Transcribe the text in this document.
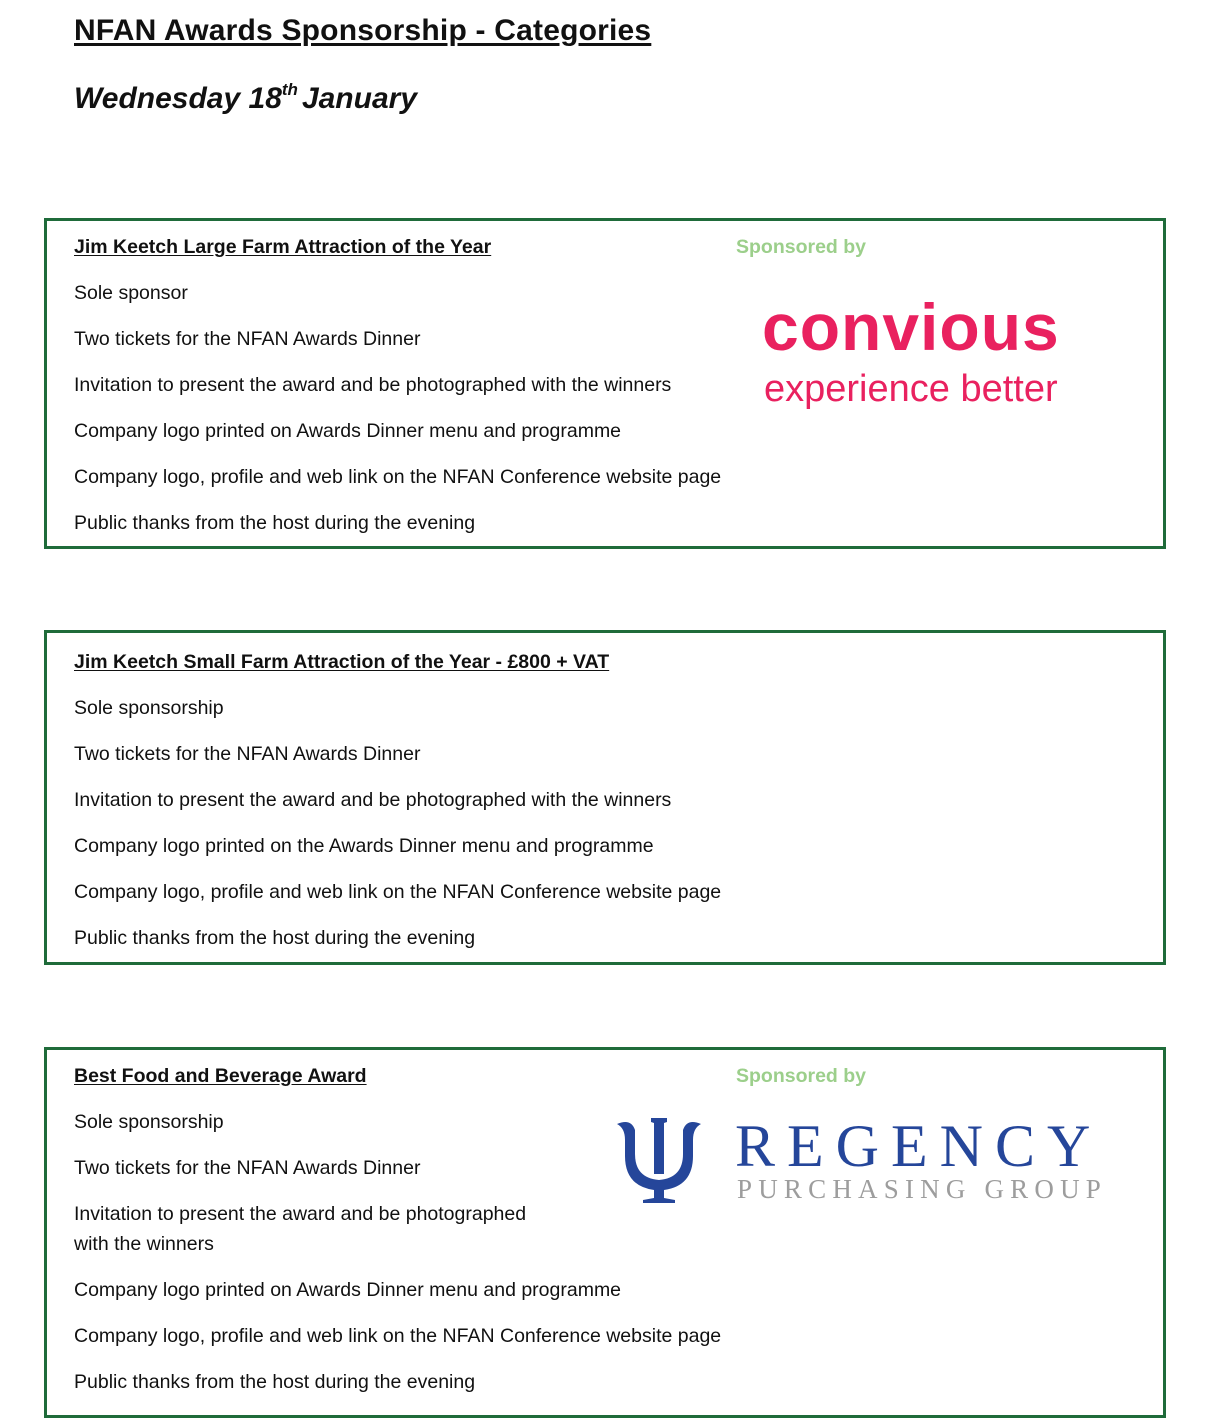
NFAN Awards Sponsorship - Categories
Wednesday 18th January
Jim Keetch Large Farm Attraction of the Year	Sponsored by
convious
experience better
Sole sponsor
Two tickets for the NFAN Awards Dinner
Invitation to present the award and be photographed with the winners
Company logo printed on Awards Dinner menu and programme
Company logo, profile and web link on the NFAN Conference website page
Public thanks from the host during the evening
Jim Keetch Small Farm Attraction of the Year - £800 + VAT
Sole sponsorship
Two tickets for the NFAN Awards Dinner
Invitation to present the award and be photographed with the winners
Company logo printed on the Awards Dinner menu and programme
Company logo, profile and web link on the NFAN Conference website page
Public thanks from the host during the evening
Best Food and Beverage Award	Sponsored by
REGENCY
PURCHASING GROUP
Sole sponsorship
Two tickets for the NFAN Awards Dinner
Invitation to present the award and be photographed
with the winners
Company logo printed on Awards Dinner menu and programme
Company logo, profile and web link on the NFAN Conference website page
Public thanks from the host during the evening
